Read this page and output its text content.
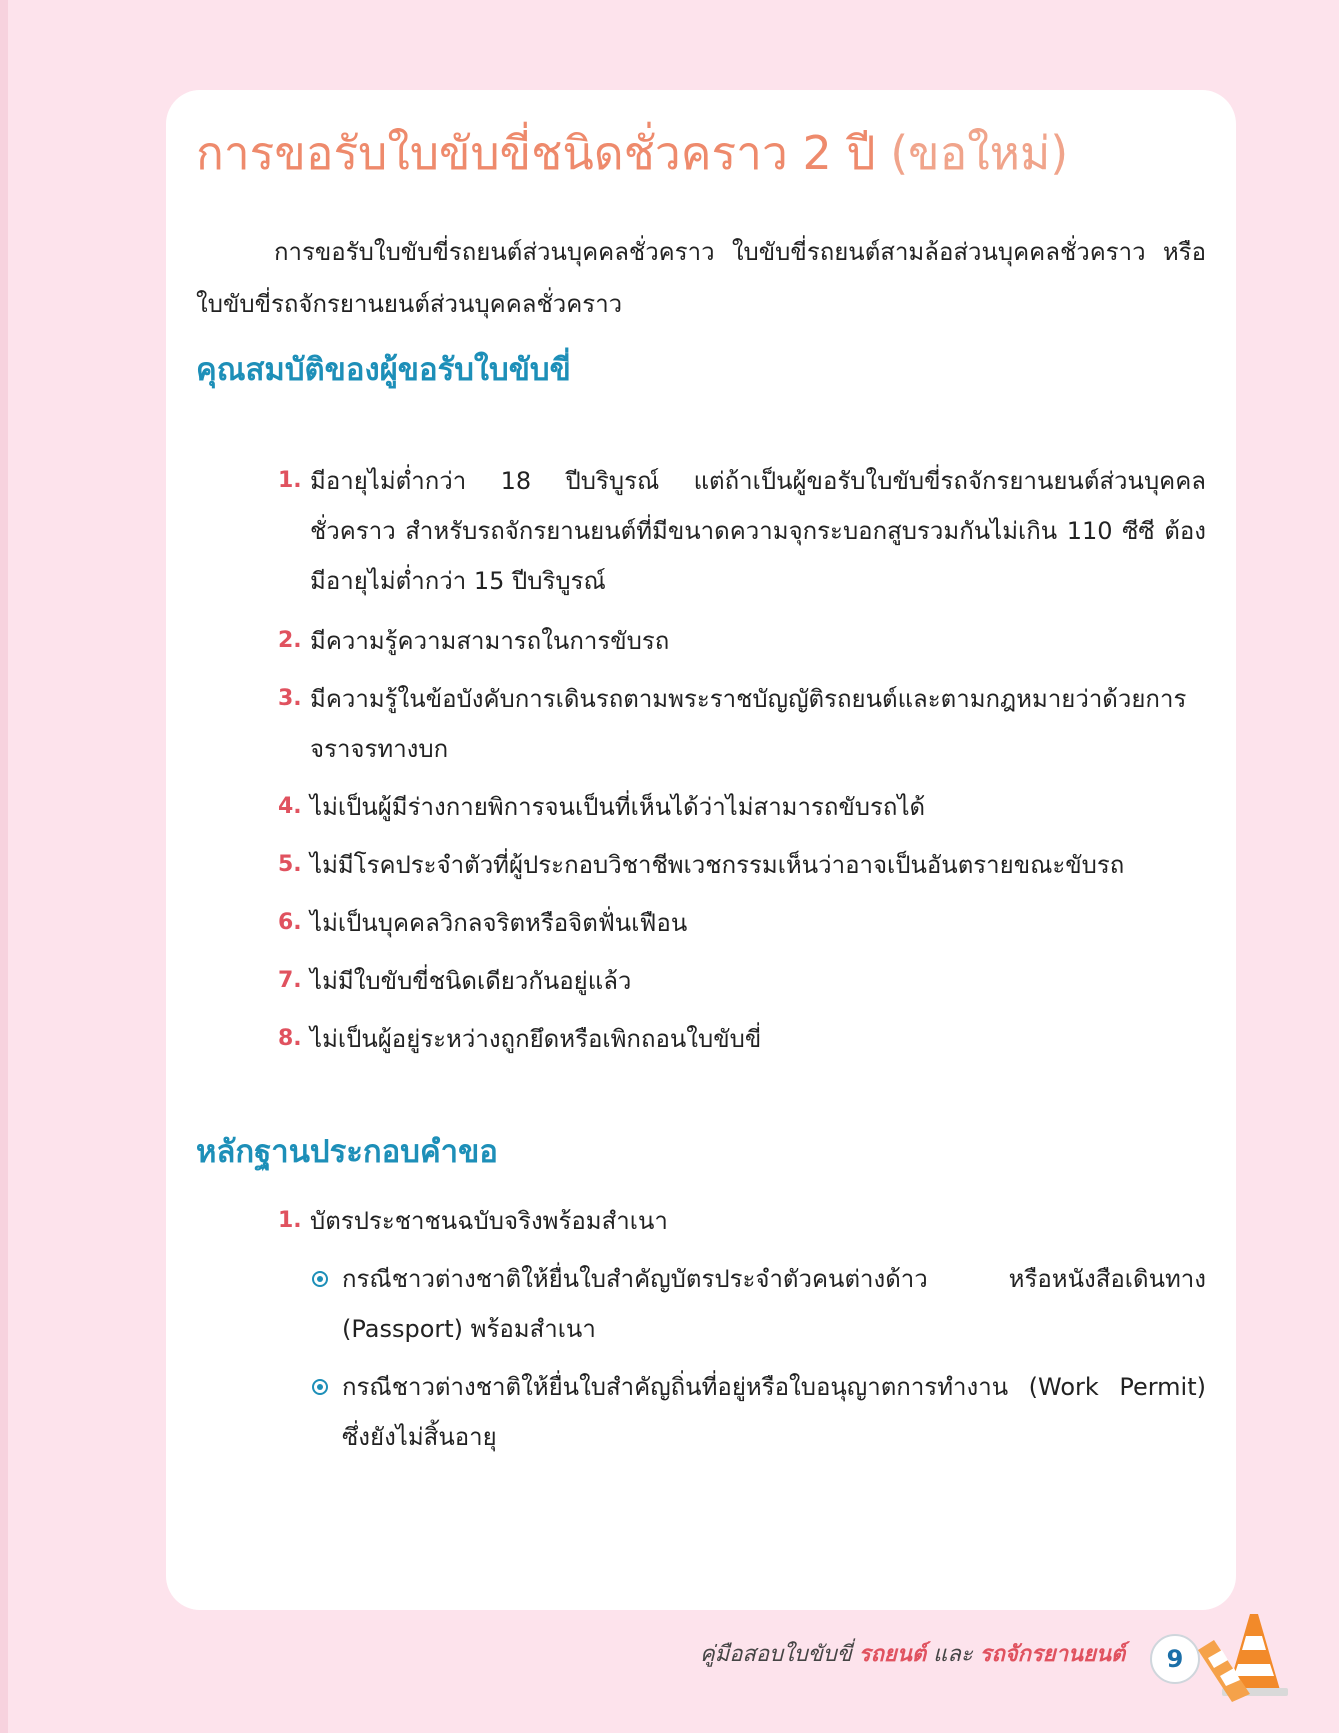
การขอรับใบขับขี่ชนิดชั่วคราว 2 ปี (ขอใหม่)

การขอรับใบขับขี่รถยนต์ส่วนบุคคลชั่วคราว ใบขับขี่รถยนต์สามล้อส่วนบุคคลชั่วคราว หรือใบขับขี่รถจักรยานยนต์ส่วนบุคคลชั่วคราว

คุณสมบัติของผู้ขอรับใบขับขี่
1. มีอายุไม่ต่ำกว่า 18 ปีบริบูรณ์ แต่ถ้าเป็นผู้ขอรับใบขับขี่รถจักรยานยนต์ส่วนบุคคลชั่วคราว สำหรับรถจักรยานยนต์ที่มีขนาดความจุกระบอกสูบรวมกันไม่เกิน 110 ซีซี ต้องมีอายุไม่ต่ำกว่า 15 ปีบริบูรณ์
2. มีความรู้ความสามารถในการขับรถ
3. มีความรู้ในข้อบังคับการเดินรถตามพระราชบัญญัติรถยนต์และตามกฎหมายว่าด้วยการจราจรทางบก
4. ไม่เป็นผู้มีร่างกายพิการจนเป็นที่เห็นได้ว่าไม่สามารถขับรถได้
5. ไม่มีโรคประจำตัวที่ผู้ประกอบวิชาชีพเวชกรรมเห็นว่าอาจเป็นอันตรายขณะขับรถ
6. ไม่เป็นบุคคลวิกลจริตหรือจิตฟั่นเฟือน
7. ไม่มีใบขับขี่ชนิดเดียวกันอยู่แล้ว
8. ไม่เป็นผู้อยู่ระหว่างถูกยึดหรือเพิกถอนใบขับขี่
หลักฐานประกอบคำขอ
1. บัตรประชาชนฉบับจริงพร้อมสำเนา
กรณีชาวต่างชาติให้ยื่นใบสำคัญบัตรประจำตัวคนต่างด้าว หรือหนังสือเดินทาง (Passport) พร้อมสำเนา
กรณีชาวต่างชาติให้ยื่นใบสำคัญถิ่นที่อยู่หรือใบอนุญาตการทำงาน (Work Permit) ซึ่งยังไม่สิ้นอายุ
คู่มือสอบใบขับขี่ รถยนต์ และ รถจักรยานยนต์	9
